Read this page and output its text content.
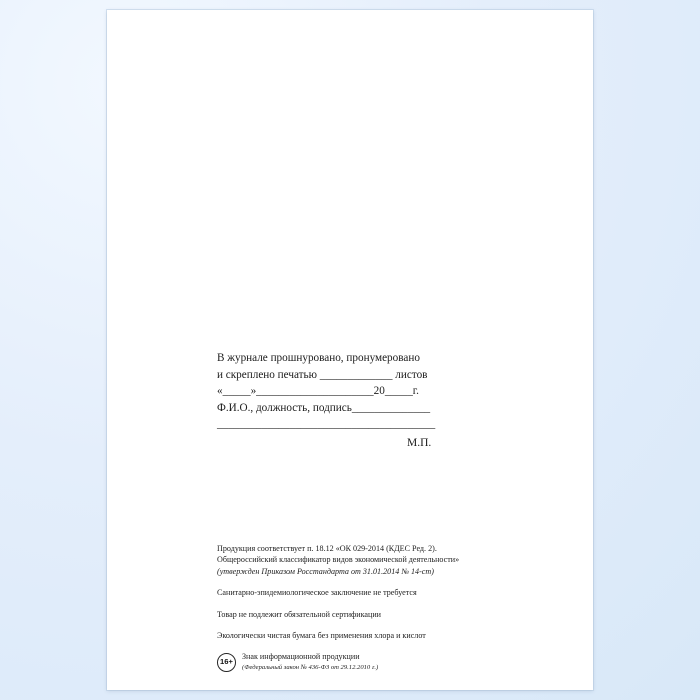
В журнале прошнуровано, пронумеровано
и скреплено печатью _____________ листов
«_____»_____________________20_____г.
Ф.И.О., должность, подпись______________
_______________________________________
М.П.

Продукция соответствует п. 18.12 «ОК 029-2014 (КДЕС Ред. 2).

Общероссийский классификатор видов экономической деятельности»

(утвержден Приказом Росстандарта от 31.01.2014 № 14-ст)

Санитарно-эпидемиологическое заключение не требуется

Товар не подлежит обязательной сертификации

Экологически чистая бумага без применения хлора и кислот

16+

Знак информационной продукции

(Федеральный закон № 436-ФЗ от 29.12.2010 г.)
